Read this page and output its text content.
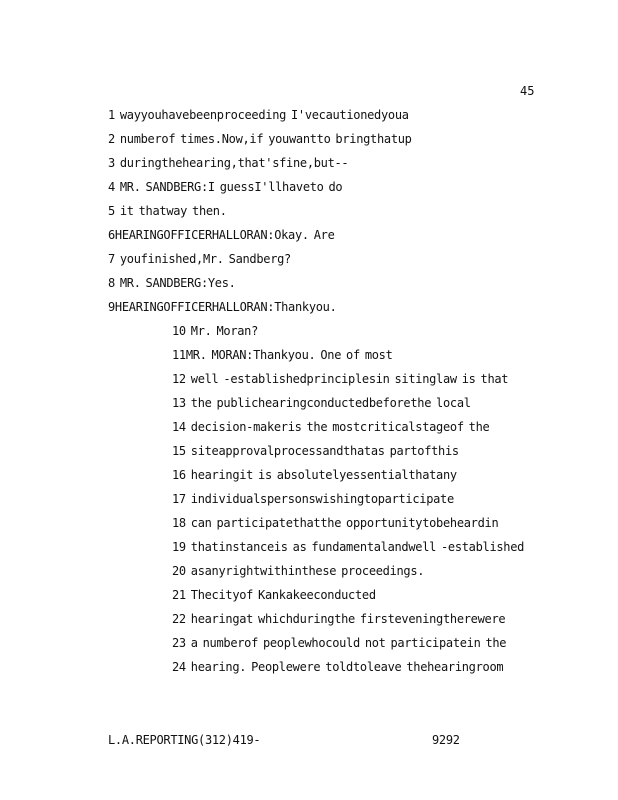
45
1 wayyouhavebeenproceeding I'vecautionedyoua
2 numberof times.Now,if youwantto bringthatup
3 duringthehearing,that'sfine,but--
4 MR. SANDBERG:I guessI'llhaveto do
5 it thatway then.
6HEARINGOFFICERHALLORAN:Okay. Are
7 youfinished,Mr. Sandberg?
8 MR. SANDBERG:Yes.
9HEARINGOFFICERHALLORAN:Thankyou.
10 Mr. Moran?
11MR. MORAN:Thankyou. One of most
12 well -establishedprinciplesin sitinglaw is that
13 the publichearingconductedbeforethe local
14 decision-makeris the mostcriticalstageof the
15 siteapprovalprocessandthatas partofthis
16 hearingit is absolutelyessentialthatany
17 individualspersonswishingtoparticipate
18 can participatethatthe opportunitytobeheardin
19 thatinstanceis as fundamentalandwell -established
20 asanyrightwithinthese proceedings.
21 Thecityof Kankakeeconducted
22 hearingat whichduringthe firsteveningtherewere
23 a numberof peoplewhocould not participatein the
24 hearing. Peoplewere toldtoleave thehearingroom
L.A.REPORTING(312)419-	9292
